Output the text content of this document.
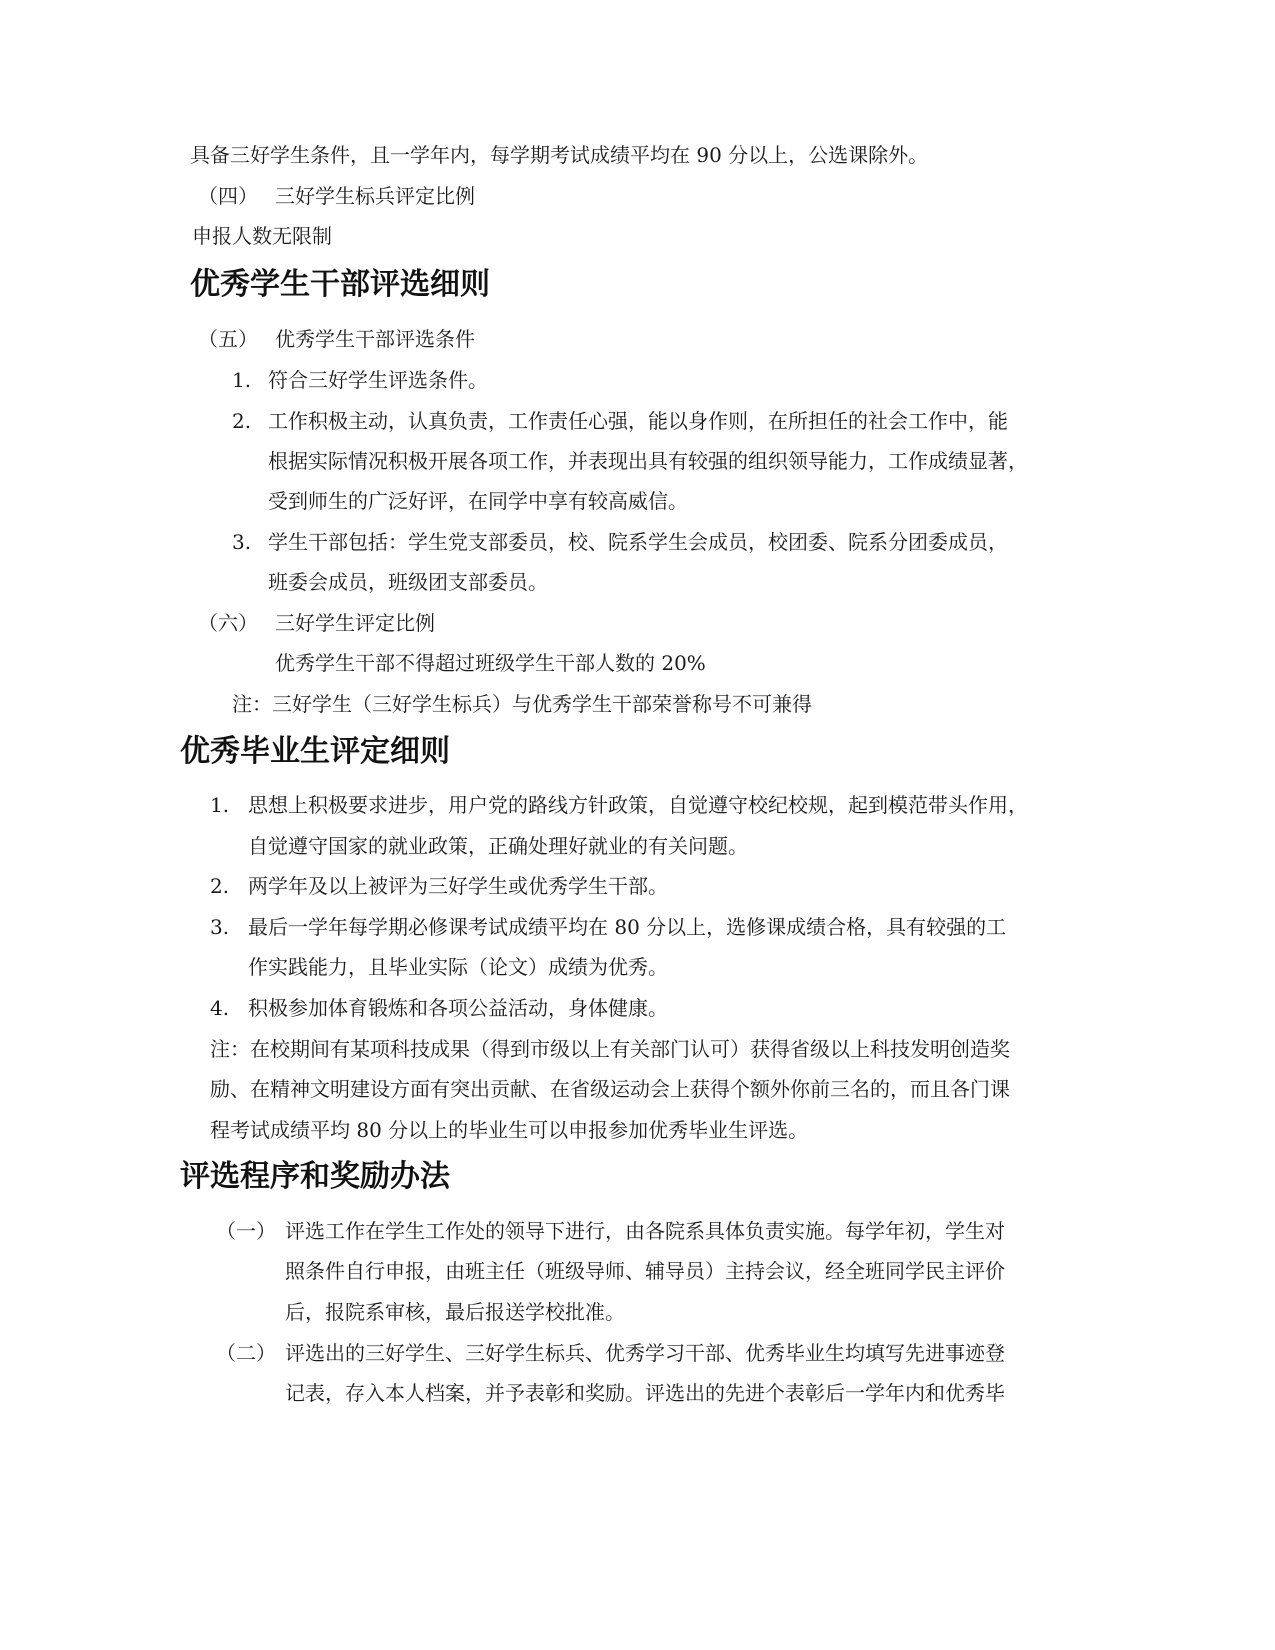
具备三好学生条件，且一学年内，每学期考试成绩平均在 90 分以上，公选课除外。
（四） 三好学生标兵评定比例
申报人数无限制
优秀学生干部评选细则
（五） 优秀学生干部评选条件
1. 符合三好学生评选条件。
2. 工作积极主动，认真负责，工作责任心强，能以身作则，在所担任的社会工作中，能
根据实际情况积极开展各项工作，并表现出具有较强的组织领导能力，工作成绩显著，
受到师生的广泛好评，在同学中享有较高威信。
3. 学生干部包括：学生党支部委员，校、院系学生会成员，校团委、院系分团委成员，
班委会成员，班级团支部委员。
（六） 三好学生评定比例
优秀学生干部不得超过班级学生干部人数的 20%
注：三好学生（三好学生标兵）与优秀学生干部荣誉称号不可兼得
优秀毕业生评定细则
1. 思想上积极要求进步，用户党的路线方针政策，自觉遵守校纪校规，起到模范带头作用，
自觉遵守国家的就业政策，正确处理好就业的有关问题。
2. 两学年及以上被评为三好学生或优秀学生干部。
3. 最后一学年每学期必修课考试成绩平均在 80 分以上，选修课成绩合格，具有较强的工
作实践能力，且毕业实际（论文）成绩为优秀。
4. 积极参加体育锻炼和各项公益活动，身体健康。
注：在校期间有某项科技成果（得到市级以上有关部门认可）获得省级以上科技发明创造奖
励、在精神文明建设方面有突出贡献、在省级运动会上获得个额外你前三名的，而且各门课
程考试成绩平均 80 分以上的毕业生可以申报参加优秀毕业生评选。
评选程序和奖励办法
（一） 评选工作在学生工作处的领导下进行，由各院系具体负责实施。每学年初，学生对
照条件自行申报，由班主任（班级导师、辅导员）主持会议，经全班同学民主评价
后，报院系审核，最后报送学校批准。
（二） 评选出的三好学生、三好学生标兵、优秀学习干部、优秀毕业生均填写先进事迹登
记表，存入本人档案，并予表彰和奖励。评选出的先进个表彰后一学年内和优秀毕
